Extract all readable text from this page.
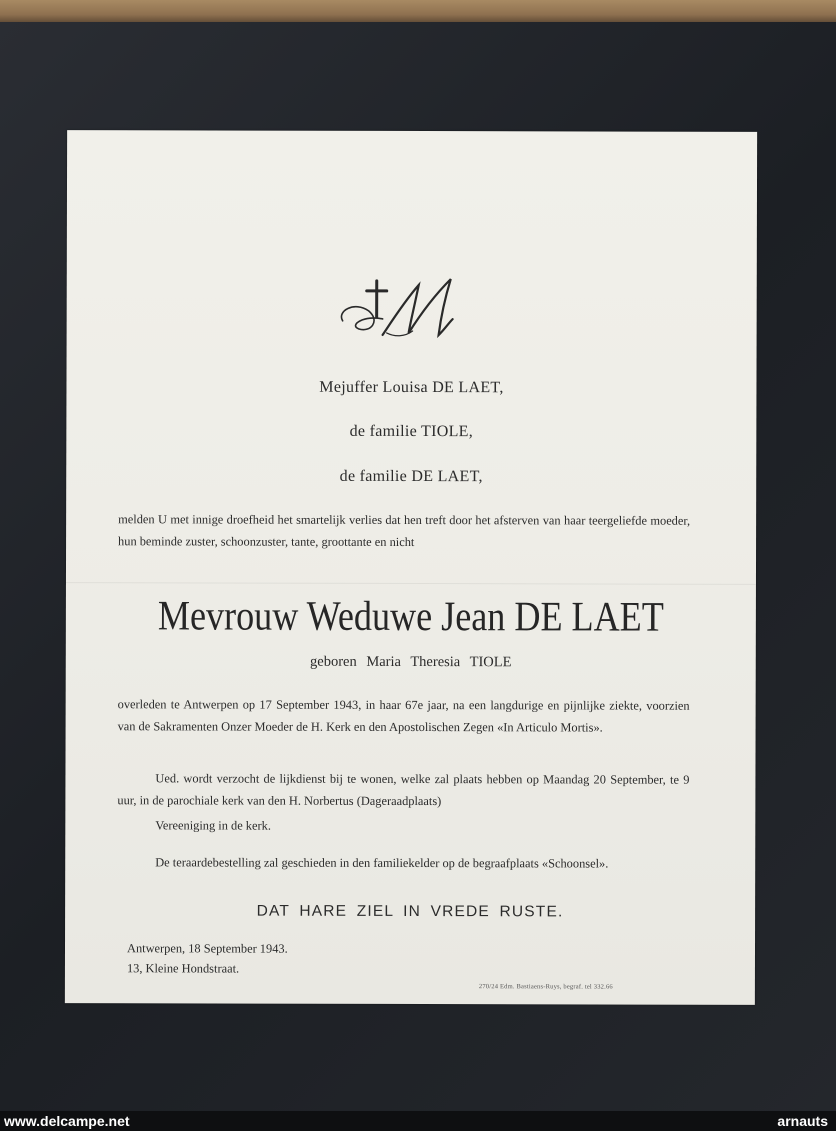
Mejuffer Louisa DE LAET,
de familie TIOLE,
de familie DE LAET,
melden U met innige droefheid het smartelijk verlies dat hen treft door het afsterven van haar teergeliefde moeder, hun beminde zuster, schoonzuster, tante, groottante en nicht
Mevrouw Weduwe Jean DE LAET
geboren Maria Theresia TIOLE
overleden te Antwerpen op 17 September 1943, in haar 67e jaar, na een langdurige en pijnlijke ziekte, voorzien van de Sakramenten Onzer Moeder de H. Kerk en den Apostolischen Zegen «In Articulo Mortis».
Ued. wordt verzocht de lijkdienst bij te wonen, welke zal plaats hebben op Maandag 20 September, te 9 uur, in de parochiale kerk van den H. Norbertus (Dageraadplaats)
Vereeniging in de kerk.
De teraardebestelling zal geschieden in den familiekelder op de begraafplaats «Schoonsel».
DAT HARE ZIEL IN VREDE RUSTE.
Antwerpen, 18 September 1943.
13, Kleine Hondstraat.
270/24 Edm. Bastiaens-Ruys, begraf. tel 332.66
www.delcampe.net	arnauts
